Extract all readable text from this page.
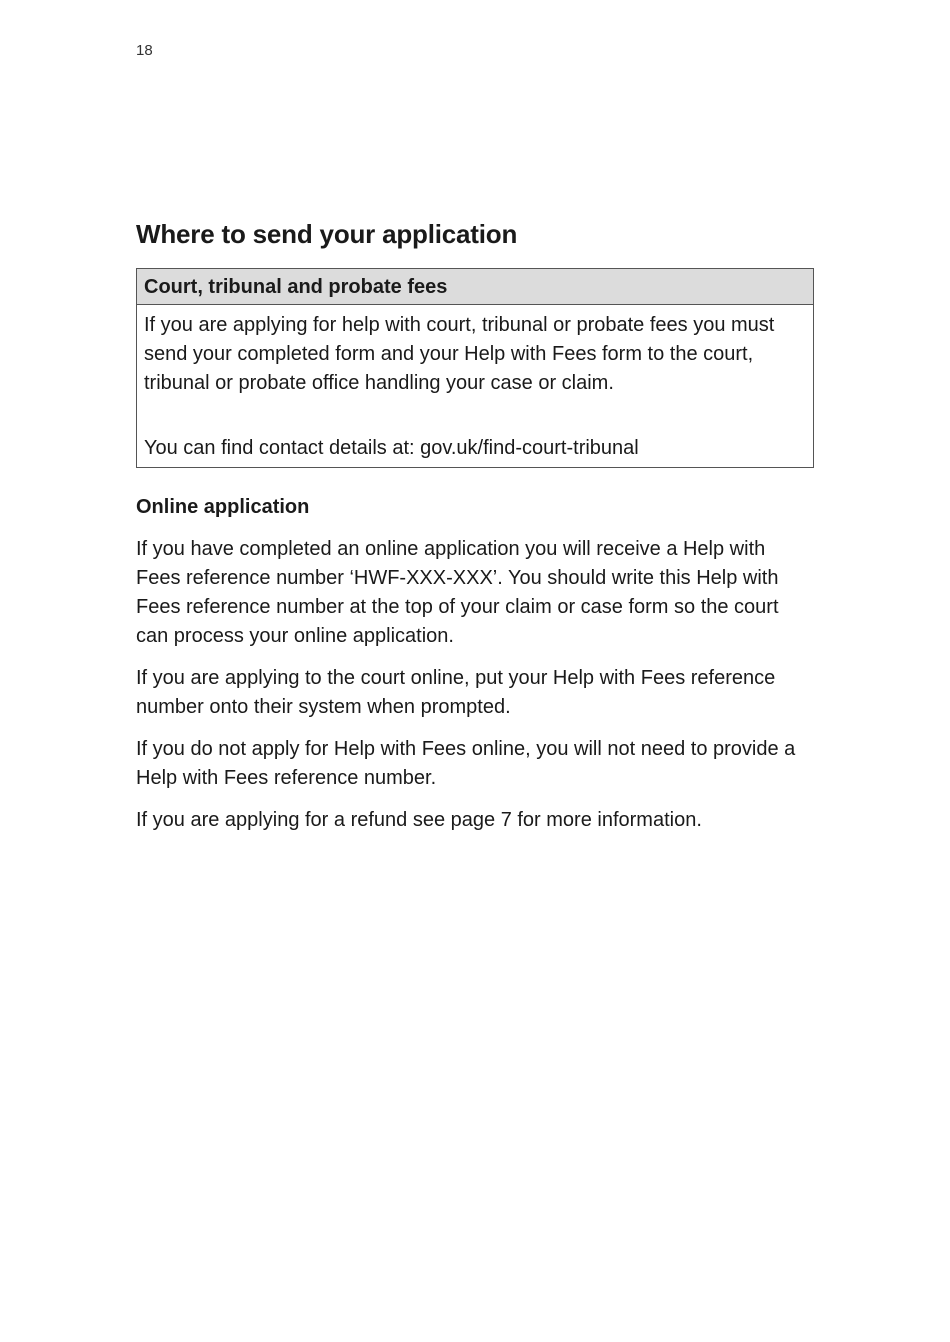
18
Where to send your application
Court, tribunal and probate fees

If you are applying for help with court, tribunal or probate fees you must send your completed form and your Help with Fees form to the court, tribunal or probate office handling your case or claim.

You can find contact details at: gov.uk/find-court-tribunal

Online application

If you have completed an online application you will receive a Help with Fees reference number ‘HWF-XXX-XXX’. You should write this Help with Fees reference number at the top of your claim or case form so the court can process your online application.

If you are applying to the court online, put your Help with Fees reference number onto their system when prompted.

If you do not apply for Help with Fees online, you will not need to provide a Help with Fees reference number.

If you are applying for a refund see page 7 for more information.
